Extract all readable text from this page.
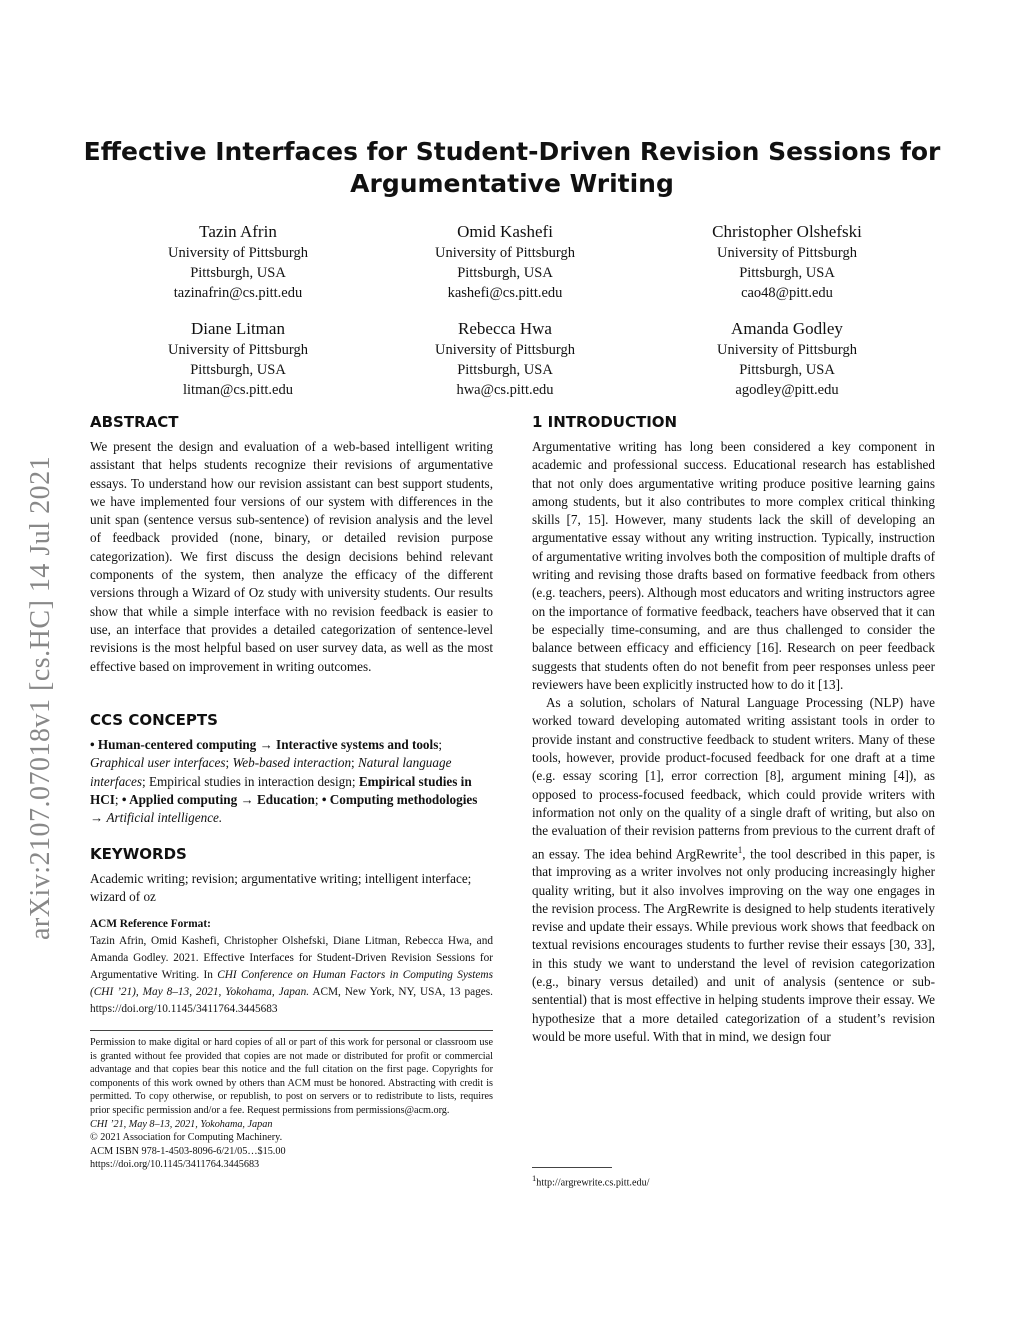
arXiv:2107.07018v1 [cs.HC] 14 Jul 2021
Effective Interfaces for Student-Driven Revision Sessions for
Argumentative Writing
Tazin Afrin
University of Pittsburgh
Pittsburgh, USA
tazinafrin@cs.pitt.edu
Omid Kashefi
University of Pittsburgh
Pittsburgh, USA
kashefi@cs.pitt.edu
Christopher Olshefski
University of Pittsburgh
Pittsburgh, USA
cao48@pitt.edu
Diane Litman
University of Pittsburgh
Pittsburgh, USA
litman@cs.pitt.edu
Rebecca Hwa
University of Pittsburgh
Pittsburgh, USA
hwa@cs.pitt.edu
Amanda Godley
University of Pittsburgh
Pittsburgh, USA
agodley@pitt.edu
ABSTRACT

We present the design and evaluation of a web-based intelligent writing assistant that helps students recognize their revisions of argumentative essays. To understand how our revision assistant can best support students, we have implemented four versions of our system with differences in the unit span (sentence versus sub-sentence) of revision analysis and the level of feedback provided (none, binary, or detailed revision purpose categorization). We first discuss the design decisions behind relevant components of the system, then analyze the efficacy of the different versions through a Wizard of Oz study with university students. Our results show that while a simple interface with no revision feedback is easier to use, an interface that provides a detailed categorization of sentence-level revisions is the most helpful based on user survey data, as well as the most effective based on improvement in writing outcomes.

CCS CONCEPTS

• Human-centered computing → Interactive systems and tools; Graphical user interfaces; Web-based interaction; Natural language interfaces; Empirical studies in interaction design; Empirical studies in HCI; • Applied computing → Education; • Computing methodologies → Artificial intelligence.

KEYWORDS

Academic writing; revision; argumentative writing; intelligent interface; wizard of oz

ACM Reference Format:
Tazin Afrin, Omid Kashefi, Christopher Olshefski, Diane Litman, Rebecca Hwa, and Amanda Godley. 2021. Effective Interfaces for Student-Driven Revision Sessions for Argumentative Writing. In CHI Conference on Human Factors in Computing Systems (CHI ’21), May 8–13, 2021, Yokohama, Japan. ACM, New York, NY, USA, 13 pages. https://doi.org/10.1145/3411764.3445683

Permission to make digital or hard copies of all or part of this work for personal or classroom use is granted without fee provided that copies are not made or distributed for profit or commercial advantage and that copies bear this notice and the full citation on the first page. Copyrights for components of this work owned by others than ACM must be honored. Abstracting with credit is permitted. To copy otherwise, or republish, to post on servers or to redistribute to lists, requires prior specific permission and/or a fee. Request permissions from permissions@acm.org.

CHI ’21, May 8–13, 2021, Yokohama, Japan

© 2021 Association for Computing Machinery.

ACM ISBN 978-1-4503-8096-6/21/05…$15.00

https://doi.org/10.1145/3411764.3445683

1 INTRODUCTION

Argumentative writing has long been considered a key component in academic and professional success. Educational research has established that not only does argumentative writing produce positive learning gains among students, but it also contributes to more complex critical thinking skills [7, 15]. However, many students lack the skill of developing an argumentative essay without any writing instruction. Typically, instruction of argumentative writing involves both the composition of multiple drafts of writing and revising those drafts based on formative feedback from others (e.g. teachers, peers). Although most educators and writing instructors agree on the importance of formative feedback, teachers have observed that it can be especially time-consuming, and are thus challenged to consider the balance between efficacy and efficiency [16]. Research on peer feedback suggests that students often do not benefit from peer responses unless peer reviewers have been explicitly instructed how to do it [13].

As a solution, scholars of Natural Language Processing (NLP) have worked toward developing automated writing assistant tools in order to provide instant and constructive feedback to student writers. Many of these tools, however, provide product-focused feedback for one draft at a time (e.g. essay scoring [1], error correction [8], argument mining [4]), as opposed to process-focused feedback, which could provide writers with information not only on the quality of a single draft of writing, but also on the evaluation of their revision patterns from previous to the current draft of an essay. The idea behind ArgRewrite$^1$, the tool described in this paper, is that improving as a writer involves not only producing increasingly higher quality writing, but it also involves improving on the way one engages in the revision process. The ArgRewrite is designed to help students iteratively revise and update their essays. While previous work shows that feedback on textual revisions encourages students to further revise their essays [30, 33], in this study we want to understand the level of revision categorization (e.g., binary versus detailed) and unit of analysis (sentence or sub-sentential) that is most effective in helping students improve their essay. We hypothesize that a more detailed categorization of a student’s revision would be more useful. With that in mind, we design four

$^1$http://argrewrite.cs.pitt.edu/
